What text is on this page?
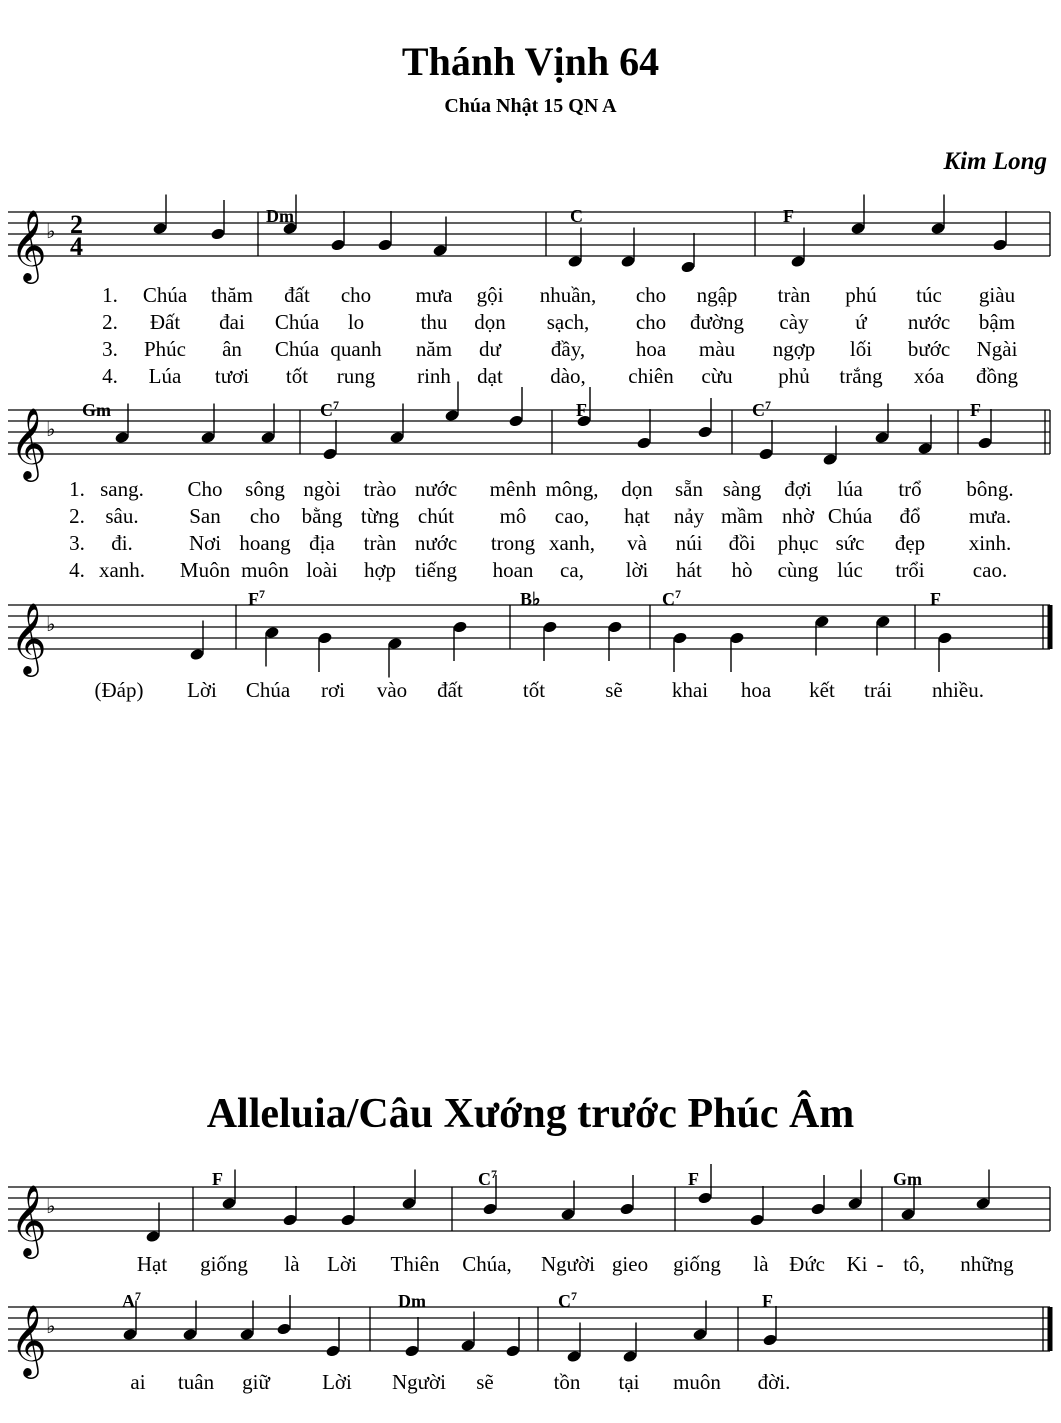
Thánh Vịnh 64
Chúa Nhật 15 QN A
Kim Long
𝄞 ♭ 2
4
Dm	C	F
1. Chúa thăm đất cho mưa gội nhuần, cho ngập tràn phú túc giàu
2. Đất đai Chúa lo	thu dọn sạch, cho đường cày ứ nước bậm
3. Phúc ân Chúa quanh năm dư đầy, hoa màu ngợp lối bước Ngài
4. Lúa tươi tốt rung rinh dạt dào, chiên cừu phủ trắng xóa đồng
𝄞 ♭
Gm	$C^7$	F	$C^7$	F
1. sang. Cho sông ngòi trào nước mênh mông, dọn sẵn sàng đợi lúa trổ bông.
2. sâu. San cho bằng từng chút mô cao, hạt nảy mầm nhờ Chúa đổ mưa.
3. đi.	Nơi hoang địa tràn nước trong xanh, và núi đồi phục sức đẹp xinh.
4. xanh. Muôn muôn loài hợp tiếng hoan ca, lời hát hò cùng lúc trổi cao.
𝄞 ♭
$F^7$	B♭	$C^7$	F
(Đáp) Lời Chúa rơi vào đất	tốt	sẽ khai hoa kết trái nhiều.
Alleluia/Câu Xướng trước Phúc Âm
𝄞 ♭
F	$C^7$	F	Gm
Hạt giống là Lời Thiên Chúa, Người gieo giống là Đức Ki - tô, những
𝄞 ♭
$A^7$	Dm	$C^7$	F
ai tuân giữ Lời Người sẽ	tồn tại muôn đời.
